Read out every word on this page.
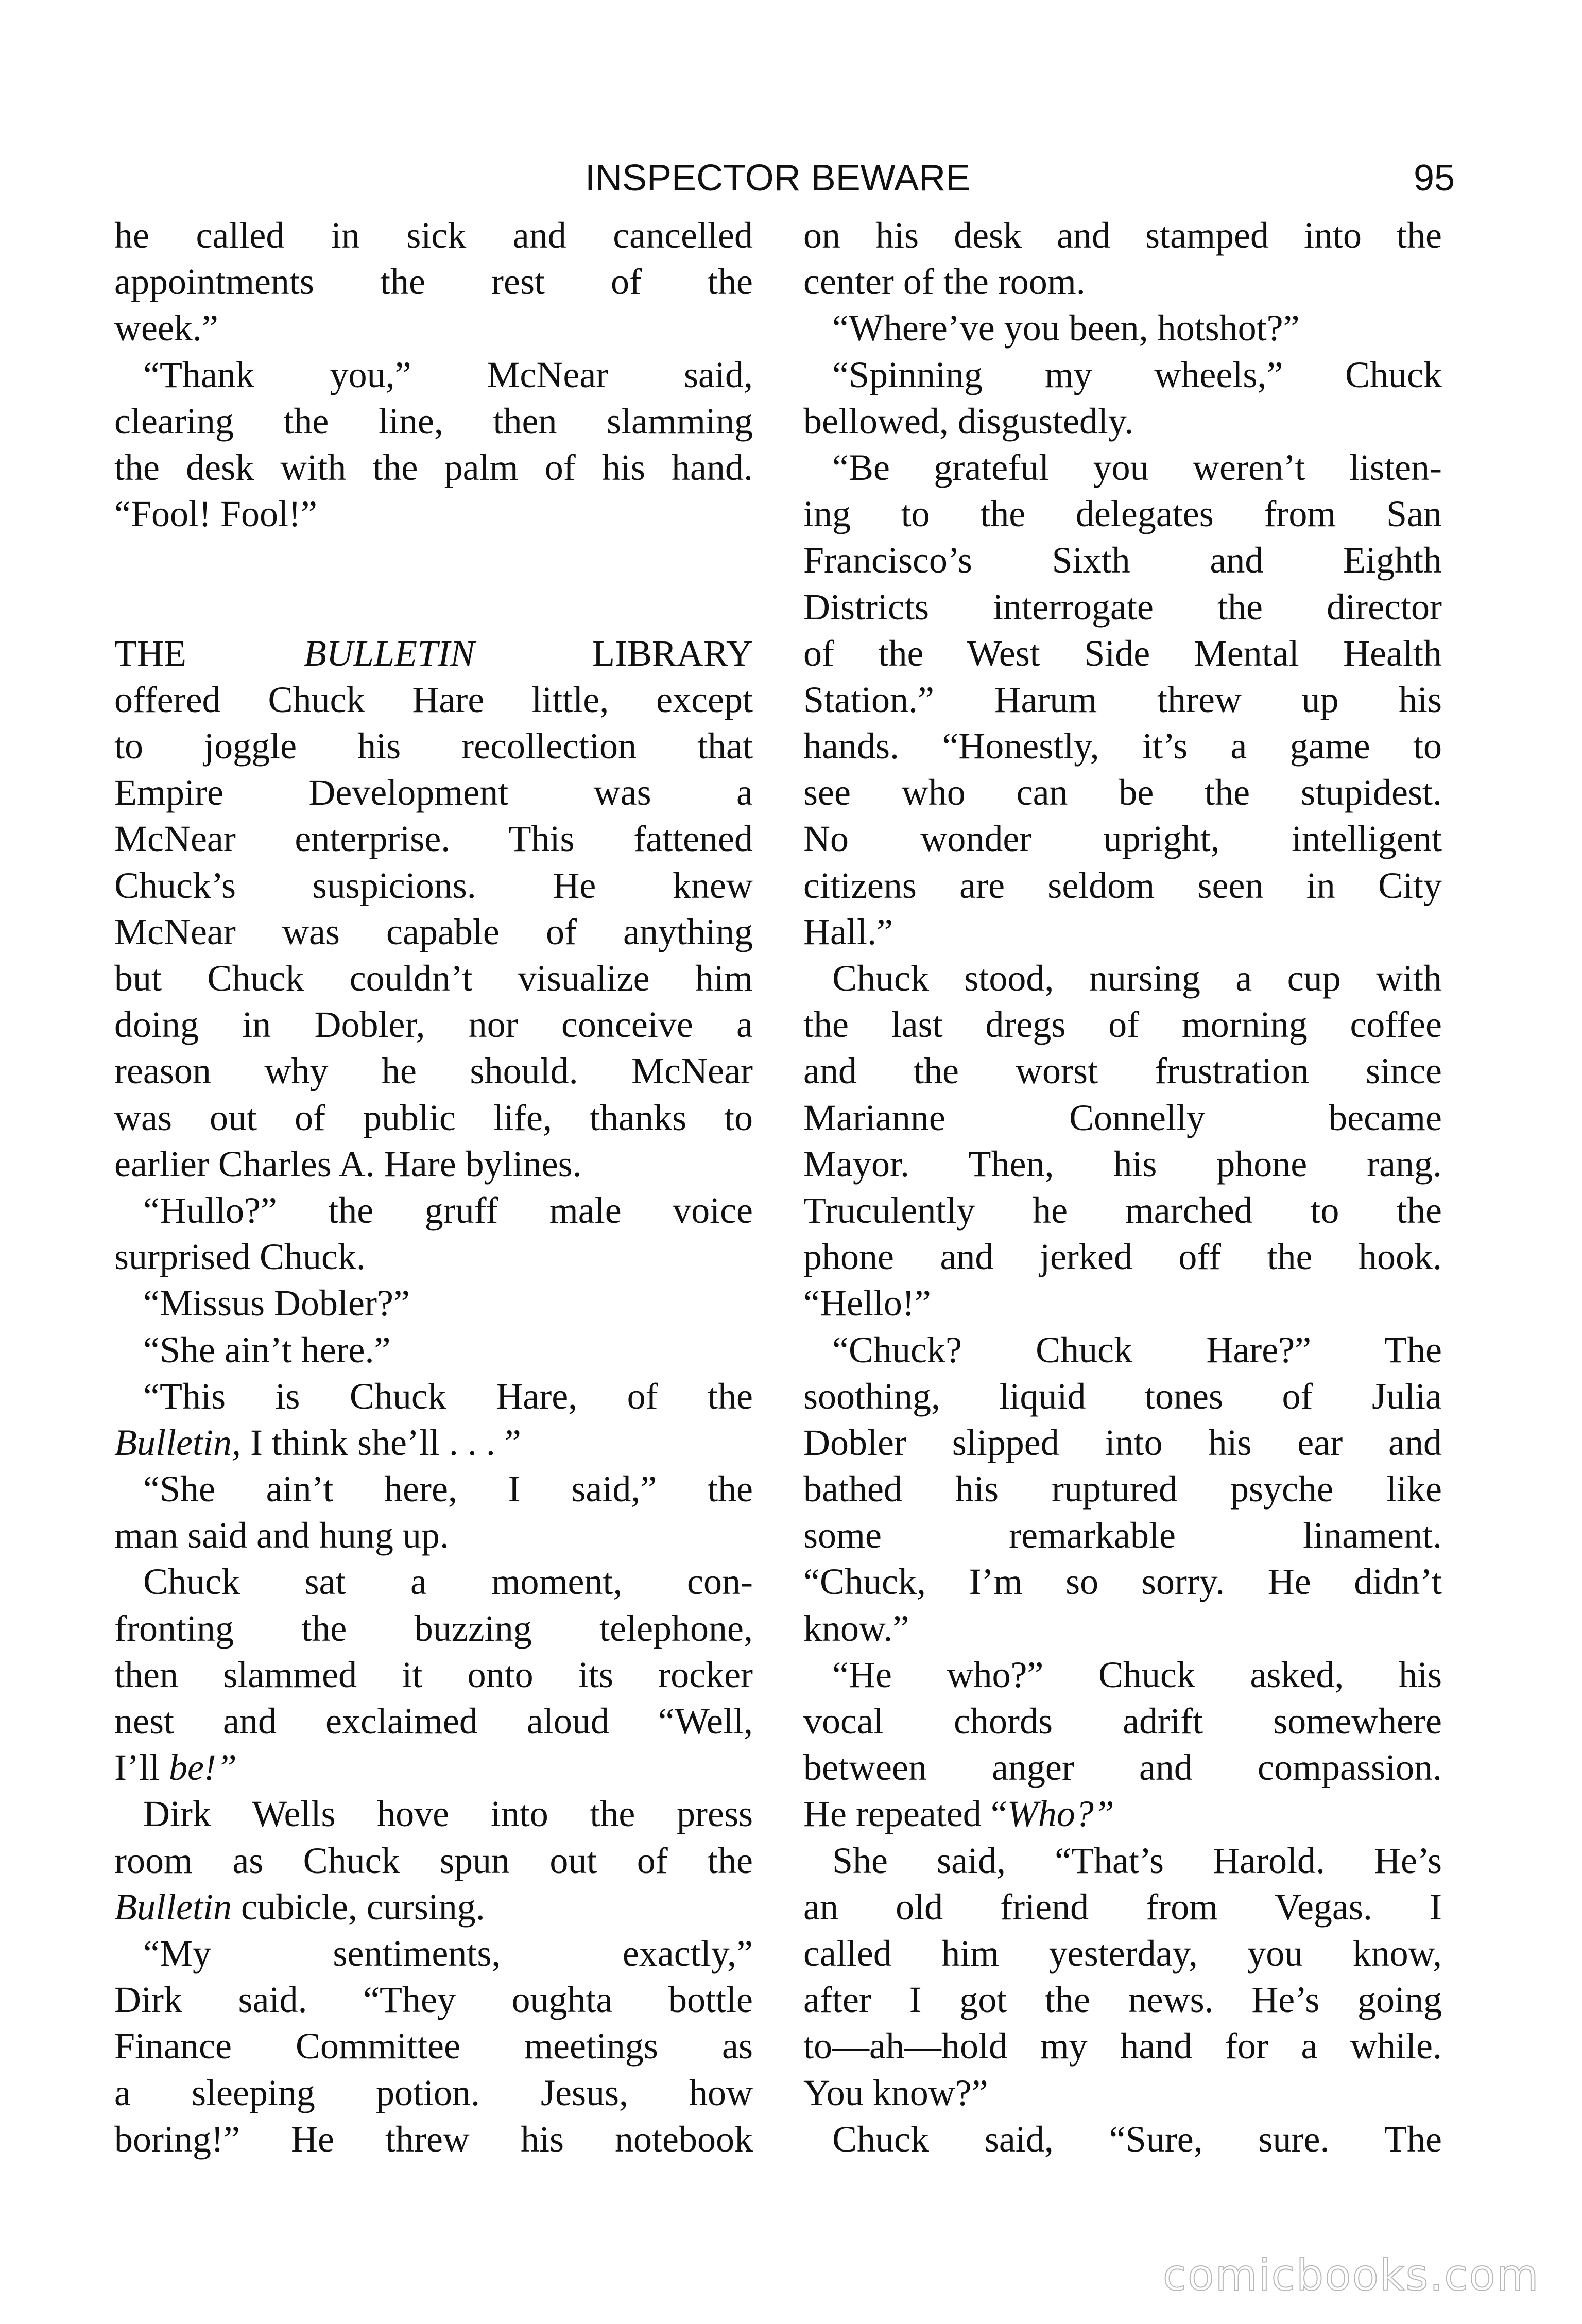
INSPECTOR BEWARE	95
he called in sick and cancelled
appointments the rest of the
week.”
“Thank you,” McNear said,
clearing the line, then slamming
the desk with the palm of his hand.
“Fool! Fool!”
THE BULLETIN LIBRARY
offered Chuck Hare little, except
to joggle his recollection that
Empire Development was a
McNear enterprise. This fattened
Chuck’s suspicions. He knew
McNear was capable of anything
but Chuck couldn’t visualize him
doing in Dobler, nor conceive a
reason why he should. McNear
was out of public life, thanks to
earlier Charles A. Hare bylines.
“Hullo?” the gruff male voice
surprised Chuck.
“Missus Dobler?”
“She ain’t here.”
“This is Chuck Hare, of the
Bulletin, I think she’ll . . . ”
“She ain’t here, I said,” the
man said and hung up.
Chuck sat a moment, con-
fronting the buzzing telephone,
then slammed it onto its rocker
nest and exclaimed aloud “Well,
I’ll be!”
Dirk Wells hove into the press
room as Chuck spun out of the
Bulletin cubicle, cursing.
“My sentiments, exactly,”
Dirk said. “They oughta bottle
Finance Committee meetings as
a sleeping potion. Jesus, how
boring!” He threw his notebook
on his desk and stamped into the
center of the room.
“Where’ve you been, hotshot?”
“Spinning my wheels,” Chuck
bellowed, disgustedly.
“Be grateful you weren’t listen-
ing to the delegates from San
Francisco’s Sixth and Eighth
Districts interrogate the director
of the West Side Mental Health
Station.” Harum threw up his
hands. “Honestly, it’s a game to
see who can be the stupidest.
No wonder upright, intelligent
citizens are seldom seen in City
Hall.”
Chuck stood, nursing a cup with
the last dregs of morning coffee
and the worst frustration since
Marianne Connelly became
Mayor. Then, his phone rang.
Truculently he marched to the
phone and jerked off the hook.
“Hello!”
“Chuck? Chuck Hare?” The
soothing, liquid tones of Julia
Dobler slipped into his ear and
bathed his ruptured psyche like
some remarkable linament.
“Chuck, I’m so sorry. He didn’t
know.”
“He who?” Chuck asked, his
vocal chords adrift somewhere
between anger and compassion.
He repeated “Who?”
She said, “That’s Harold. He’s
an old friend from Vegas. I
called him yesterday, you know,
after I got the news. He’s going
to—ah—hold my hand for a while.
You know?”
Chuck said, “Sure, sure. The
comicbooks.com
